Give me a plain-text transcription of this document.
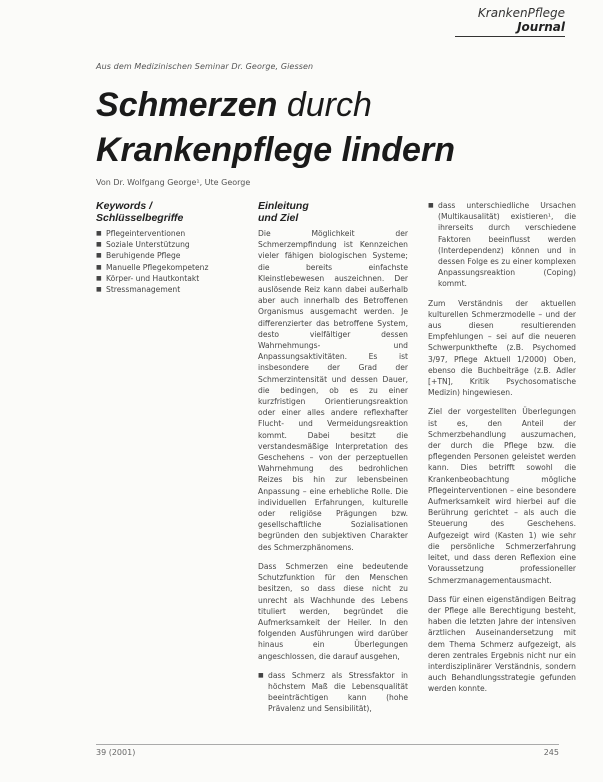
KrankenPflege
Journal
Aus dem Medizinischen Seminar Dr. George, Giessen
Schmerzen durch
Krankenpflege lindern
Von Dr. Wolfgang George¹, Ute George
Keywords /
Schlüsselbegriffe
■ Pflegeinterventionen
■ Soziale Unterstützung
■ Beruhigende Pflege
■ Manuelle Pflegekompetenz
■ Körper- und Hautkontakt
■ Stressmanagement
Einleitung
und Ziel

Die Möglichkeit der Schmerzempfindung ist Kennzeichen vieler fähigen biologischen Systeme; die bereits einfachste Kleinstlebewesen auszeichnen. Der auslösende Reiz kann dabei außerhalb aber auch innerhalb des Betroffenen Organismus ausgemacht werden. Je differenzierter das betroffene System, desto vielfältiger dessen Wahrnehmungs- und Anpassungsaktivitäten. Es ist insbesondere der Grad der Schmerzintensität und dessen Dauer, die bedingen, ob es zu einer kurzfristigen Orientierungsreaktion oder einer alles andere reflexhafter Flucht- und Vermeidungsreaktion kommt. Dabei besitzt die verstandesmäßige Interpretation des Geschehens – von der perzeptuellen Wahrnehmung des bedrohlichen Reizes bis hin zur lebensbeinen Anpassung – eine erhebliche Rolle. Die individuellen Erfahrungen, kulturelle oder religiöse Prägungen bzw. gesellschaftliche Sozialisationen begründen den subjektiven Charakter des Schmerzphänomens.

Dass Schmerzen eine bedeutende Schutzfunktion für den Menschen besitzen, so dass diese nicht zu unrecht als Wachhunde des Lebens tituliert werden, begründet die Aufmerksamkeit der Heiler. In den folgenden Ausführungen wird darüber hinaus ein Überlegungen angeschlossen, die darauf ausgehen,

■ dass Schmerz als Stressfaktor in höchstem Maß die Lebensqualität beeinträchtigen kann (hohe Prävalenz und Sensibilität),
■ dass unterschiedliche Ursachen (Multikausalität) existieren¹, die ihrerseits durch verschiedene Faktoren beeinflusst werden (Interdependenz) können und in dessen Folge es zu einer komplexen Anpassungsreaktion (Coping) kommt.

Zum Verständnis der aktuellen kulturellen Schmerzmodelle – und der aus diesen resultierenden Empfehlungen – sei auf die neueren Schwerpunkthefte (z.B. Psychomed 3/97, Pflege Aktuell 1/2000) Oben, ebenso die Buchbeiträge (z.B. Adler [+TN], Kritik Psychosomatische Medizin) hingewiesen.

Ziel der vorgestellten Überlegungen ist es, den Anteil der Schmerzbehandlung auszumachen, der durch die Pflege bzw. die pflegenden Personen geleistet werden kann. Dies betrifft sowohl die Krankenbeobachtung mögliche Pflegeinterventionen – eine besondere Aufmerksamkeit wird hierbei auf die Berührung gerichtet – als auch die Steuerung des Geschehens. Aufgezeigt wird (Kasten 1) wie sehr die persönliche Schmerzerfahrung leitet, und dass deren Reflexion eine Voraussetzung professioneller Schmerzmanagementausmacht.

Dass für einen eigenständigen Beitrag der Pflege alle Berechtigung besteht, haben die letzten Jahre der intensiven ärztlichen Auseinandersetzung mit dem Thema Schmerz aufgezeigt, als deren zentrales Ergebnis nicht nur ein interdisziplinärer Verständnis, sondern auch Behandlungsstrategie gefunden werden konnte.

39 (2001)	245
